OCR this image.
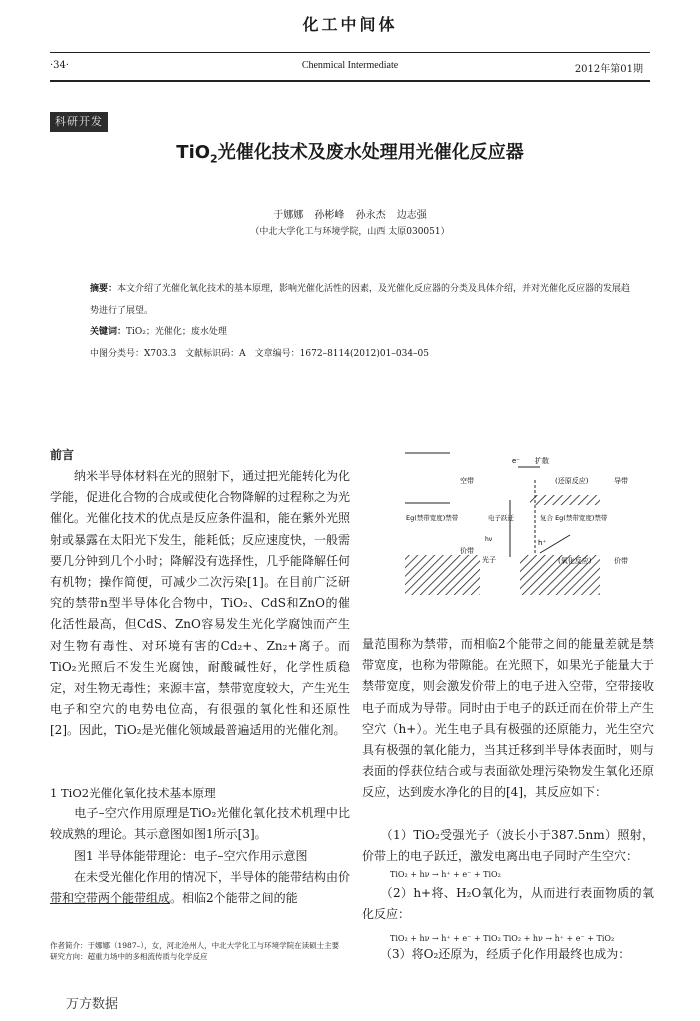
化工中间体
·34·	Chenmical Intermediate	2012年第01期
科研开发
TiO$_2$光催化技术及废水处理用光催化反应器
于娜娜 孙彬峰 孙永杰 边志强
（中北大学化工与环境学院，山西 太原030051）
摘要：本文介绍了光催化氧化技术的基本原理，影响光催化活性的因素，及光催化反应器的分类及具体介绍，并对光催化反应器的发展趋势进行了展望。
关键词：TiO₂；光催化；废水处理
中图分类号：X703.3　文献标识码：A　文章编号：1672–8114(2012)01–034–05
前言
　　纳米半导体材料在光的照射下，通过把光能转化为化学能，促进化合物的合成或使化合物降解的过程称之为光催化。光催化技术的优点是反应条件温和，能在紫外光照射或暴露在太阳光下发生，能耗低；反应速度快，一般需要几分钟到几个小时；降解没有选择性，几乎能降解任何有机物；操作简便，可减少二次污染[1]。在目前广泛研究的禁带n型半导体化合物中，TiO₂、CdS和ZnO的催化活性最高，但CdS、ZnO容易发生光化学腐蚀而产生对生物有毒性、对环境有害的Cd₂+、Zn₂+离子。而TiO₂光照后不发生光腐蚀，耐酸碱性好，化学性质稳定，对生物无毒性；来源丰富，禁带宽度较大，产生光生电子和空穴的电势电位高，有很强的氧化性和还原性[2]。因此，TiO₂是光催化领域最普遍适用的光催化剂。
1 TiO2光催化氧化技术基本原理
　　电子–空穴作用原理是TiO₂光催化氧化技术机理中比较成熟的理论。其示意图如图1所示[3]。
　　图1 半导体能带理论：电子–空穴作用示意图
　　在未受光催化作用的情况下，半导体的能带结构由价带和空带两个能带组成。相临2个能带之间的能
e⁻ 扩散
空带	(还原反应)	导带
Eg(禁带宽度)禁带	电子跃迁	复合 Eg(禁带宽度)禁带
价带
hν
光子
h⁺
(氧化反应)	价带
量范围称为禁带，而相临2个能带之间的能量差就是禁带宽度，也称为带隙能。在光照下，如果光子能量大于禁带宽度，则会激发价带上的电子进入空带，空带接收电子而成为导带。同时由于电子的跃迁而在价带上产生空穴（h+）。光生电子具有极强的还原能力，光生空穴具有极强的氧化能力，当其迁移到半导体表面时，则与表面的俘获位结合或与表面欲处理污染物发生氧化还原反应，达到废水净化的目的[4]，其反应如下：
　　（1）TiO₂受强光子（波长小于387.5nm）照射，价带上的电子跃迁，激发电离出电子同时产生空穴：
TiO₂ + hν → h⁺ + e⁻ + TiO₂
　　（2）h+将、H₂O氧化为，从而进行表面物质的氧化反应：
TiO₂ + hν → h⁺ + e⁻ + TiO₂ TiO₂ + hν → h⁺ + e⁻ + TiO₂
　　（3）将O₂还原为，经质子化作用最终也成为：
作者简介：于娜娜（1987–），女，河北沧州人，中北大学化工与环境学院在读硕士主要研究方向：超重力场中的多相流传质与化学反应
万方数据
